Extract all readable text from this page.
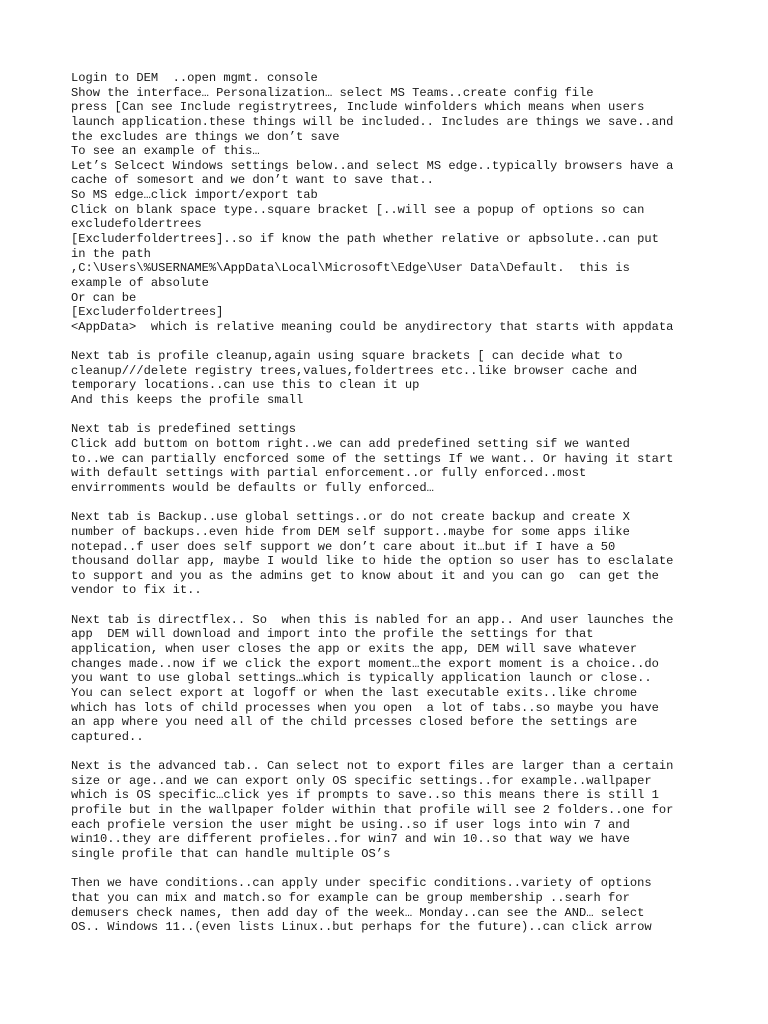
Login to DEM  ..open mgmt. console
Show the interface… Personalization… select MS Teams..create config file
press [Can see Include registrytrees, Include winfolders which means when users
launch application.these things will be included.. Includes are things we save..and
the excludes are things we don’t save
To see an example of this…
Let’s Selcect Windows settings below..and select MS edge..typically browsers have a
cache of somesort and we don’t want to save that..
So MS edge…click import/export tab
Click on blank space type..square bracket [..will see a popup of options so can
excludefoldertrees
[Excluderfoldertrees]..so if know the path whether relative or apbsolute..can put
in the path
,C:\Users\%USERNAME%\AppData\Local\Microsoft\Edge\User Data\Default.  this is
example of absolute
Or can be
[Excluderfoldertrees]
<AppData>  which is relative meaning could be anydirectory that starts with appdata
Next tab is profile cleanup,again using square brackets [ can decide what to
cleanup///delete registry trees,values,foldertrees etc..like browser cache and
temporary locations..can use this to clean it up
And this keeps the profile small
Next tab is predefined settings
Click add buttom on bottom right..we can add predefined setting sif we wanted
to..we can partially encforced some of the settings If we want.. Or having it start
with default settings with partial enforcement..or fully enforced..most
envirromments would be defaults or fully enforced…
Next tab is Backup..use global settings..or do not create backup and create X
number of backups..even hide from DEM self support..maybe for some apps ilike
notepad..f user does self support we don’t care about it…but if I have a 50
thousand dollar app, maybe I would like to hide the option so user has to esclalate
to support and you as the admins get to know about it and you can go  can get the
vendor to fix it..
Next tab is directflex.. So  when this is nabled for an app.. And user launches the
app  DEM will download and import into the profile the settings for that
application, when user closes the app or exits the app, DEM will save whatever
changes made..now if we click the export moment…the export moment is a choice..do
you want to use global settings…which is typically application launch or close..
You can select export at logoff or when the last executable exits..like chrome
which has lots of child processes when you open  a lot of tabs..so maybe you have
an app where you need all of the child prcesses closed before the settings are
captured..
Next is the advanced tab.. Can select not to export files are larger than a certain
size or age..and we can export only OS specific settings..for example..wallpaper
which is OS specific…click yes if prompts to save..so this means there is still 1
profile but in the wallpaper folder within that profile will see 2 folders..one for
each profiele version the user might be using..so if user logs into win 7 and
win10..they are different profieles..for win7 and win 10..so that way we have
single profile that can handle multiple OS’s
Then we have conditions..can apply under specific conditions..variety of options
that you can mix and match.so for example can be group membership ..searh for
demusers check names, then add day of the week… Monday..can see the AND… select
OS.. Windows 11..(even lists Linux..but perhaps for the future)..can click arrow
